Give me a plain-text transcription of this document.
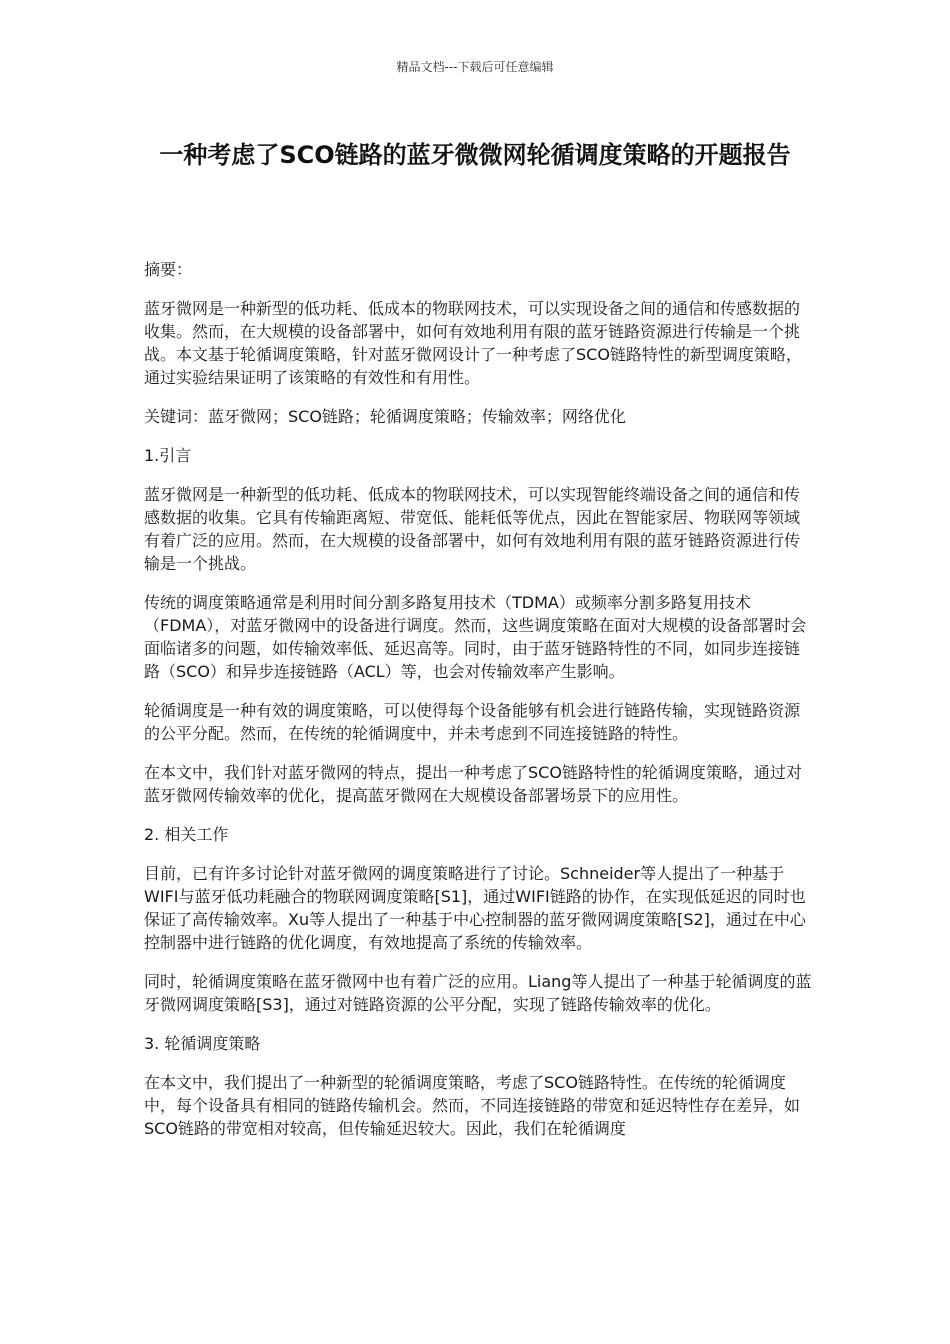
精品文档---下载后可任意编辑
一种考虑了SCO链路的蓝牙微微网轮循调度策略的开题报告

摘要：

蓝牙微网是一种新型的低功耗、低成本的物联网技术，可以实现设备之间的通信和传感数据的收集。然而，在大规模的设备部署中，如何有效地利用有限的蓝牙链路资源进行传输是一个挑战。本文基于轮循调度策略，针对蓝牙微网设计了一种考虑了SCO链路特性的新型调度策略，通过实验结果证明了该策略的有效性和有用性。

关键词：蓝牙微网；SCO链路；轮循调度策略；传输效率；网络优化

1.引言

蓝牙微网是一种新型的低功耗、低成本的物联网技术，可以实现智能终端设备之间的通信和传感数据的收集。它具有传输距离短、带宽低、能耗低等优点，因此在智能家居、物联网等领域有着广泛的应用。然而，在大规模的设备部署中，如何有效地利用有限的蓝牙链路资源进行传输是一个挑战。

传统的调度策略通常是利用时间分割多路复用技术（TDMA）或频率分割多路复用技术（FDMA），对蓝牙微网中的设备进行调度。然而，这些调度策略在面对大规模的设备部署时会面临诸多的问题，如传输效率低、延迟高等。同时，由于蓝牙链路特性的不同，如同步连接链路（SCO）和异步连接链路（ACL）等，也会对传输效率产生影响。

轮循调度是一种有效的调度策略，可以使得每个设备能够有机会进行链路传输，实现链路资源的公平分配。然而，在传统的轮循调度中，并未考虑到不同连接链路的特性。

在本文中，我们针对蓝牙微网的特点，提出一种考虑了SCO链路特性的轮循调度策略，通过对蓝牙微网传输效率的优化，提高蓝牙微网在大规模设备部署场景下的应用性。

2. 相关工作

目前，已有许多讨论针对蓝牙微网的调度策略进行了讨论。Schneider等人提出了一种基于WIFI与蓝牙低功耗融合的物联网调度策略[S1]，通过WIFI链路的协作，在实现低延迟的同时也保证了高传输效率。Xu等人提出了一种基于中心控制器的蓝牙微网调度策略[S2]，通过在中心控制器中进行链路的优化调度，有效地提高了系统的传输效率。

同时，轮循调度策略在蓝牙微网中也有着广泛的应用。Liang等人提出了一种基于轮循调度的蓝牙微网调度策略[S3]，通过对链路资源的公平分配，实现了链路传输效率的优化。

3. 轮循调度策略

在本文中，我们提出了一种新型的轮循调度策略，考虑了SCO链路特性。在传统的轮循调度中，每个设备具有相同的链路传输机会。然而，不同连接链路的带宽和延迟特性存在差异，如SCO链路的带宽相对较高，但传输延迟较大。因此，我们在轮循调度
